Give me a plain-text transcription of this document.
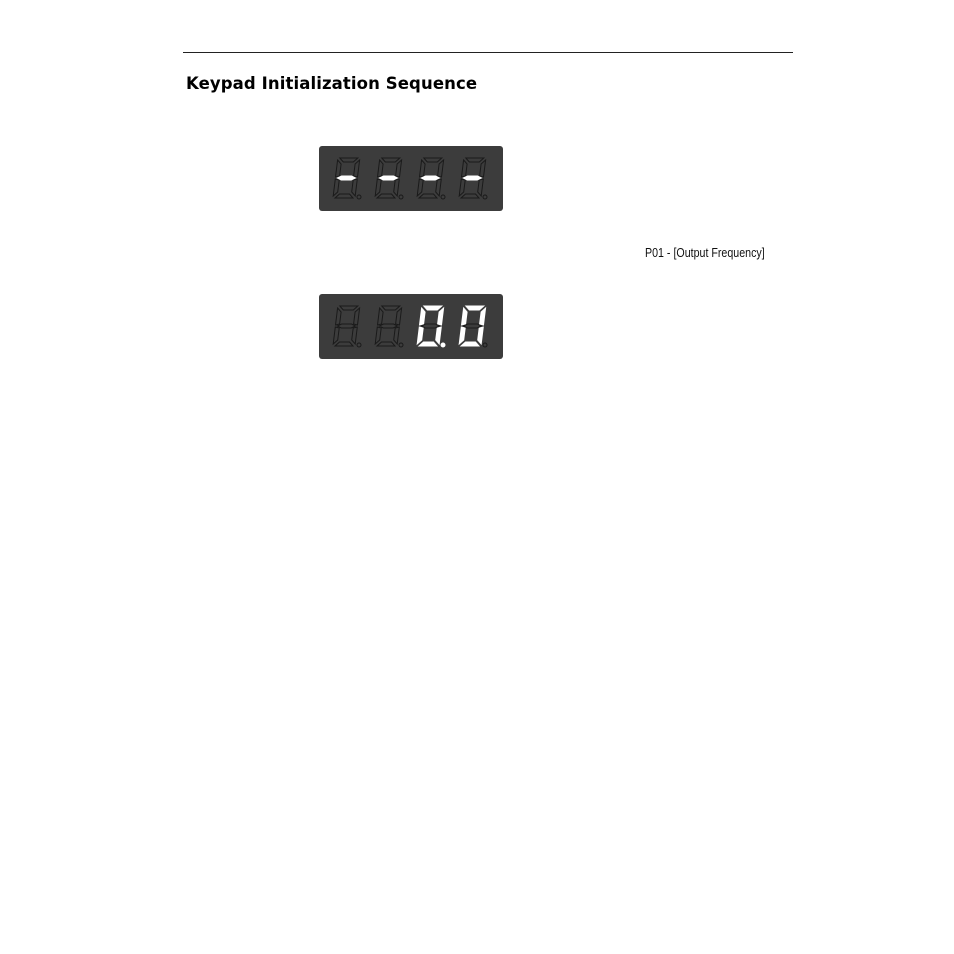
Keypad Initialization Sequence
P01 - [Output Frequency]
